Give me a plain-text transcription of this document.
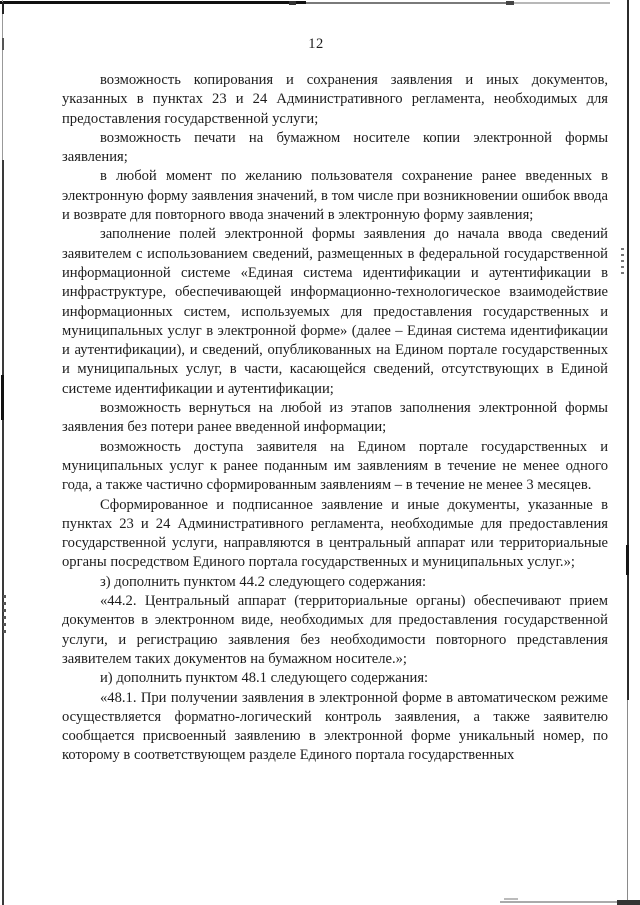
12

возможность копирования и сохранения заявления и иных документов, указанных в пунктах 23 и 24 Административного регламента, необходимых для предоставления государственной услуги;

возможность печати на бумажном носителе копии электронной формы заявления;

в любой момент по желанию пользователя сохранение ранее введенных в электронную форму заявления значений, в том числе при возникновении ошибок ввода и возврате для повторного ввода значений в электронную форму заявления;

заполнение полей электронной формы заявления до начала ввода сведений заявителем с использованием сведений, размещенных в федеральной государственной информационной системе «Единая система идентификации и аутентификации в инфраструктуре, обеспечивающей информационно-технологическое взаимодействие информационных систем, используемых для предоставления государственных и муниципальных услуг в электронной форме» (далее – Единая система идентификации и аутентификации), и сведений, опубликованных на Едином портале государственных и муниципальных услуг, в части, касающейся сведений, отсутствующих в Единой системе идентификации и аутентификации;

возможность вернуться на любой из этапов заполнения электронной формы заявления без потери ранее введенной информации;

возможность доступа заявителя на Едином портале государственных и муниципальных услуг к ранее поданным им заявлениям в течение не менее одного года, а также частично сформированным заявлениям – в течение не менее 3 месяцев.

Сформированное и подписанное заявление и иные документы, указанные в пунктах 23 и 24 Административного регламента, необходимые для предоставления государственной услуги, направляются в центральный аппарат или территориальные органы посредством Единого портала государственных и муниципальных услуг.»;

з) дополнить пунктом 44.2 следующего содержания:

«44.2. Центральный аппарат (территориальные органы) обеспечивают прием документов в электронном виде, необходимых для предоставления государственной услуги, и регистрацию заявления без необходимости повторного представления заявителем таких документов на бумажном носителе.»;

и) дополнить пунктом 48.1 следующего содержания:

«48.1. При получении заявления в электронной форме в автоматическом режиме осуществляется форматно-логический контроль заявления, а также заявителю сообщается присвоенный заявлению в электронной форме уникальный номер, по которому в соответствующем разделе Единого портала государственных
